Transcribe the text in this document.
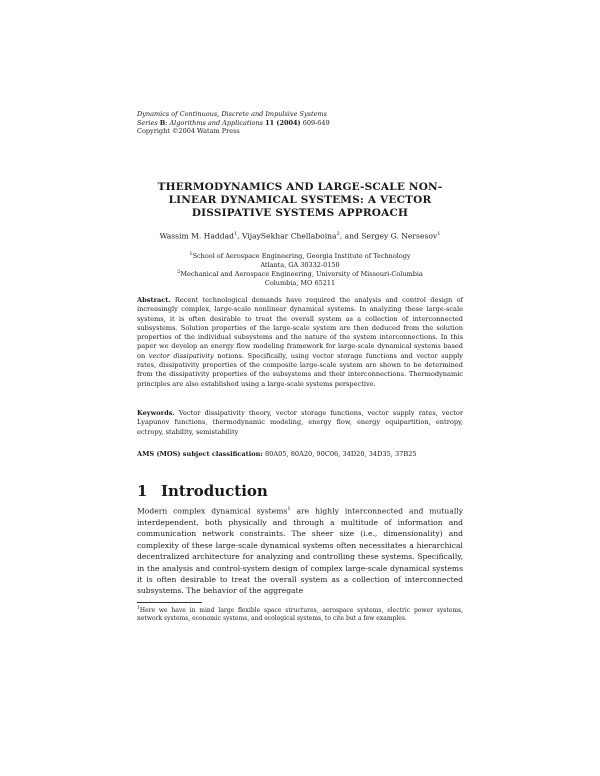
Dynamics of Continuous, Discrete and Impulsive Systems
Series B: Algorithms and Applications 11 (2004) 609-649
Copyright ©2004 Watam Press
THERMODYNAMICS AND LARGE-SCALE NON-
LINEAR DYNAMICAL SYSTEMS: A VECTOR
DISSIPATIVE SYSTEMS APPROACH
Wassim M. Haddad$^1$, VijaySekhar Chellaboina$^2$, and Sergey G. Nersesov$^1$
$^1$School of Aerospace Engineering, Georgia Institute of Technology
Atlanta, GA 30332-0150
$^2$Mechanical and Aerospace Engineering, University of Missouri-Columbia
Columbia, MO 65211
Abstract. Recent technological demands have required the analysis and control design of increasingly complex, large-scale nonlinear dynamical systems. In analyzing these large-scale systems, it is often desirable to treat the overall system as a collection of interconnected subsystems. Solution properties of the large-scale system are then deduced from the solution properties of the individual subsystems and the nature of the system interconnections. In this paper we develop an energy flow modeling framework for large-scale dynamical systems based on vector dissipativity notions. Specifically, using vector storage functions and vector supply rates, dissipativity properties of the composite large-scale system are shown to be determined from the dissipativity properties of the subsystems and their interconnections. Thermodynamic principles are also established using a large-scale systems perspective.
Keywords. Vector dissipativity theory, vector storage functions, vector supply rates, vector Lyapunov functions, thermodynamic modeling, energy flow, energy equipartition, entropy, ectropy, stability, semistability
AMS (MOS) subject classification: 80A05, 80A20, 90C06, 34D20, 34D35, 37B25
1 Introduction
Modern complex dynamical systems$^1$ are highly interconnected and mutually interdependent, both physically and through a multitude of information and communication network constraints. The sheer size (i.e., dimensionality) and complexity of these large-scale dynamical systems often necessitates a hierarchical decentralized architecture for analyzing and controlling these systems. Specifically, in the analysis and control-system design of complex large-scale dynamical systems it is often desirable to treat the overall system as a collection of interconnected subsystems. The behavior of the aggregate
$^1$Here we have in mind large flexible space structures, aerospace systems, electric power systems, network systems, economic systems, and ecological systems, to cite but a few examples.
